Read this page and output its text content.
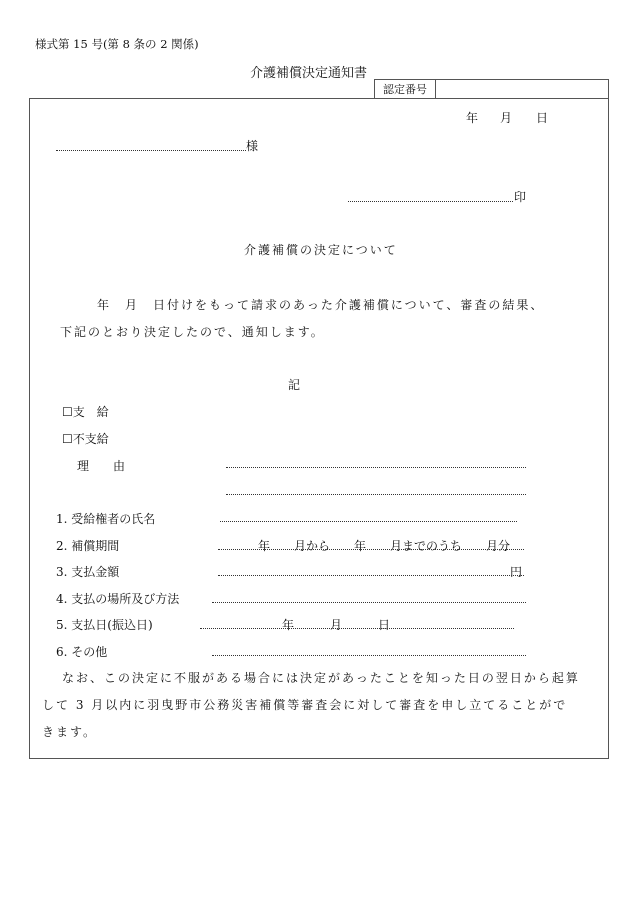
様式第 15 号(第 8 条の 2 関係)
介護補償決定通知書
認定番号
年 月 日
様
印
介護補償の決定について
年　月　日付けをもって請求のあった介護補償について、審査の結果、
下記のとおり決定したので、通知します。
記
☐支　給
☐不支給
理　　由
1. 受給権者の氏名
2. 補償期間	年　　月から　　年　　月までのうち　　月分
3. 支払金額	円
4. 支払の場所及び方法
5. 支払日(振込日)	年　　　月　　　日
6. その他
なお、この決定に不服がある場合には決定があったことを知った日の翌日から起算
して 3 月以内に羽曳野市公務災害補償等審査会に対して審査を申し立てることがで
きます。
